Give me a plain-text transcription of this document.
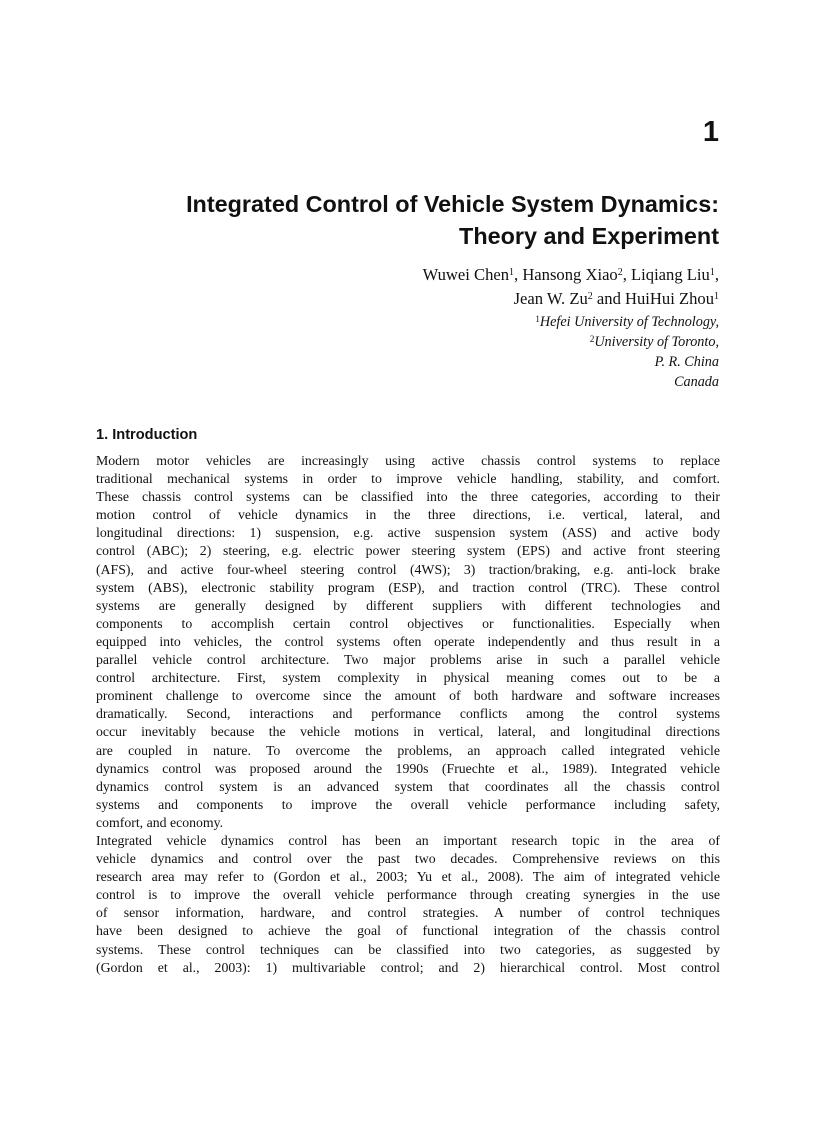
1
Integrated Control of Vehicle System Dynamics:
Theory and Experiment
Wuwei Chen$^1$, Hansong Xiao$^2$, Liqiang Liu$^1$,
Jean W. Zu$^2$ and HuiHui Zhou$^1$
$^1$Hefei University of Technology,
$^2$University of Toronto,
P. R. China
Canada
1. Introduction
Modern motor vehicles are increasingly using active chassis control systems to replace
traditional mechanical systems in order to improve vehicle handling, stability, and comfort.
These chassis control systems can be classified into the three categories, according to their
motion control of vehicle dynamics in the three directions, i.e. vertical, lateral, and
longitudinal directions: 1) suspension, e.g. active suspension system (ASS) and active body
control (ABC); 2) steering, e.g. electric power steering system (EPS) and active front steering
(AFS), and active four-wheel steering control (4WS); 3) traction/braking, e.g. anti-lock brake
system (ABS), electronic stability program (ESP), and traction control (TRC). These control
systems are generally designed by different suppliers with different technologies and
components to accomplish certain control objectives or functionalities. Especially when
equipped into vehicles, the control systems often operate independently and thus result in a
parallel vehicle control architecture. Two major problems arise in such a parallel vehicle
control architecture. First, system complexity in physical meaning comes out to be a
prominent challenge to overcome since the amount of both hardware and software increases
dramatically. Second, interactions and performance conflicts among the control systems
occur inevitably because the vehicle motions in vertical, lateral, and longitudinal directions
are coupled in nature. To overcome the problems, an approach called integrated vehicle
dynamics control was proposed around the 1990s (Fruechte et al., 1989). Integrated vehicle
dynamics control system is an advanced system that coordinates all the chassis control
systems and components to improve the overall vehicle performance including safety,
comfort, and economy.
Integrated vehicle dynamics control has been an important research topic in the area of
vehicle dynamics and control over the past two decades. Comprehensive reviews on this
research area may refer to (Gordon et al., 2003; Yu et al., 2008). The aim of integrated vehicle
control is to improve the overall vehicle performance through creating synergies in the use
of sensor information, hardware, and control strategies. A number of control techniques
have been designed to achieve the goal of functional integration of the chassis control
systems. These control techniques can be classified into two categories, as suggested by
(Gordon et al., 2003): 1) multivariable control; and 2) hierarchical control. Most control
